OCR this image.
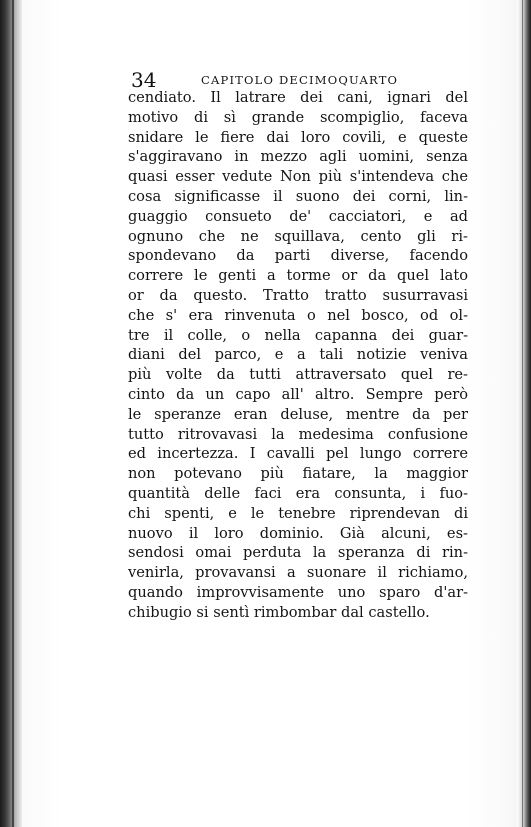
34	CAPITOLO DECIMOQUARTO
cendiato. Il latrare dei cani, ignari del
motivo di sì grande scompiglio, faceva
snidare le fiere dai loro covili, e queste
s'aggiravano in mezzo agli uomini, senza
quasi esser vedute Non più s'intendeva che
cosa significasse il suono dei corni, lin-
guaggio consueto de' cacciatori, e ad
ognuno che ne squillava, cento gli ri-
spondevano da parti diverse, facendo
correre le genti a torme or da quel lato
or da questo. Tratto tratto susurravasi
che s' era rinvenuta o nel bosco, od ol-
tre il colle, o nella capanna dei guar-
diani del parco, e a tali notizie veniva
più volte da tutti attraversato quel re-
cinto da un capo all' altro. Sempre però
le speranze eran deluse, mentre da per
tutto ritrovavasi la medesima confusione
ed incertezza. I cavalli pel lungo correre
non potevano più fiatare, la maggior
quantità delle faci era consunta, i fuo-
chi spenti, e le tenebre riprendevan di
nuovo il loro dominio. Già alcuni, es-
sendosi omai perduta la speranza di rin-
venirla, provavansi a suonare il richiamo,
quando improvvisamente uno sparo d'ar-
chibugio si sentì rimbombar dal castello.
